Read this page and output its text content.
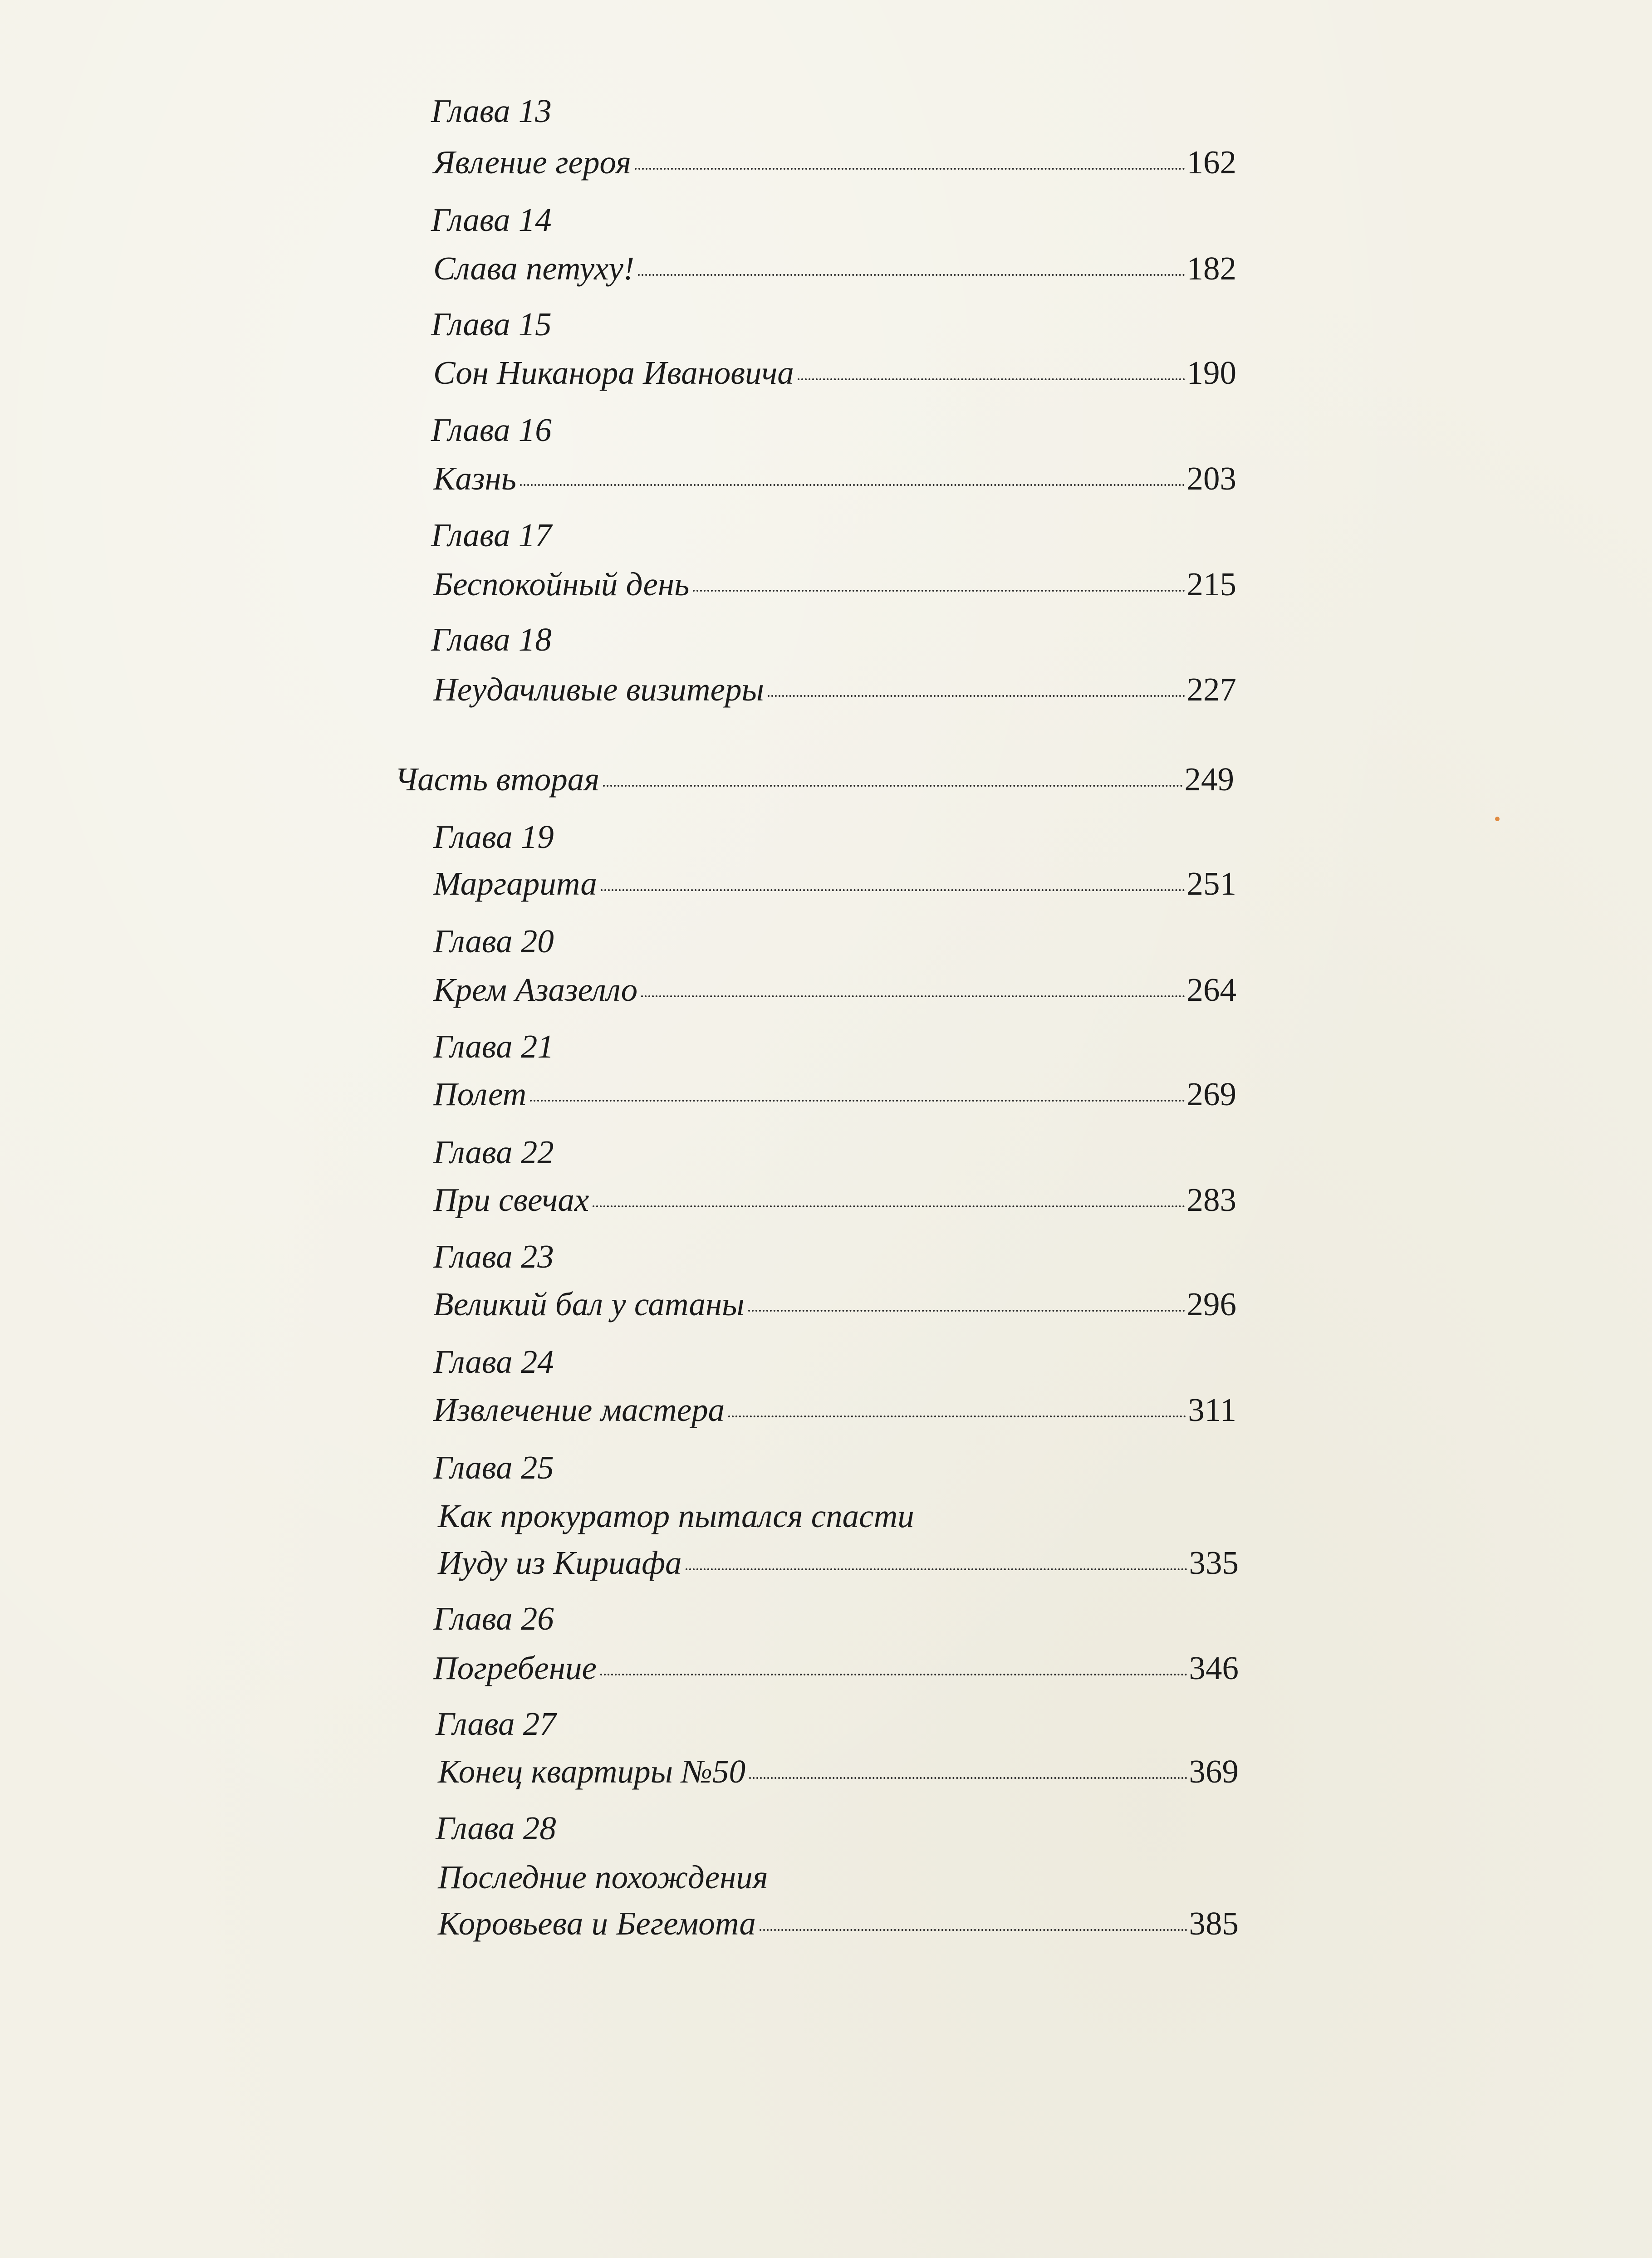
Глава 13
Явление героя	162
Глава 14
Слава петуху!	182
Глава 15
Сон Никанора Ивановича	190
Глава 16
Казнь	203
Глава 17
Беспокойный день	215
Глава 18
Неудачливые визитеры	227
Часть вторая	249
Глава 19
Маргарита	251
Глава 20
Крем Азазелло	264
Глава 21
Полет	269
Глава 22
При свечах	283
Глава 23
Великий бал у сатаны	296
Глава 24
Извлечение мастера	311
Глава 25
Как прокуратор пытался спасти
Иуду из Кириафа	335
Глава 26
Погребение	346
Глава 27
Конец квартиры №50	369
Глава 28
Последние похождения
Коровьева и Бегемота	385
